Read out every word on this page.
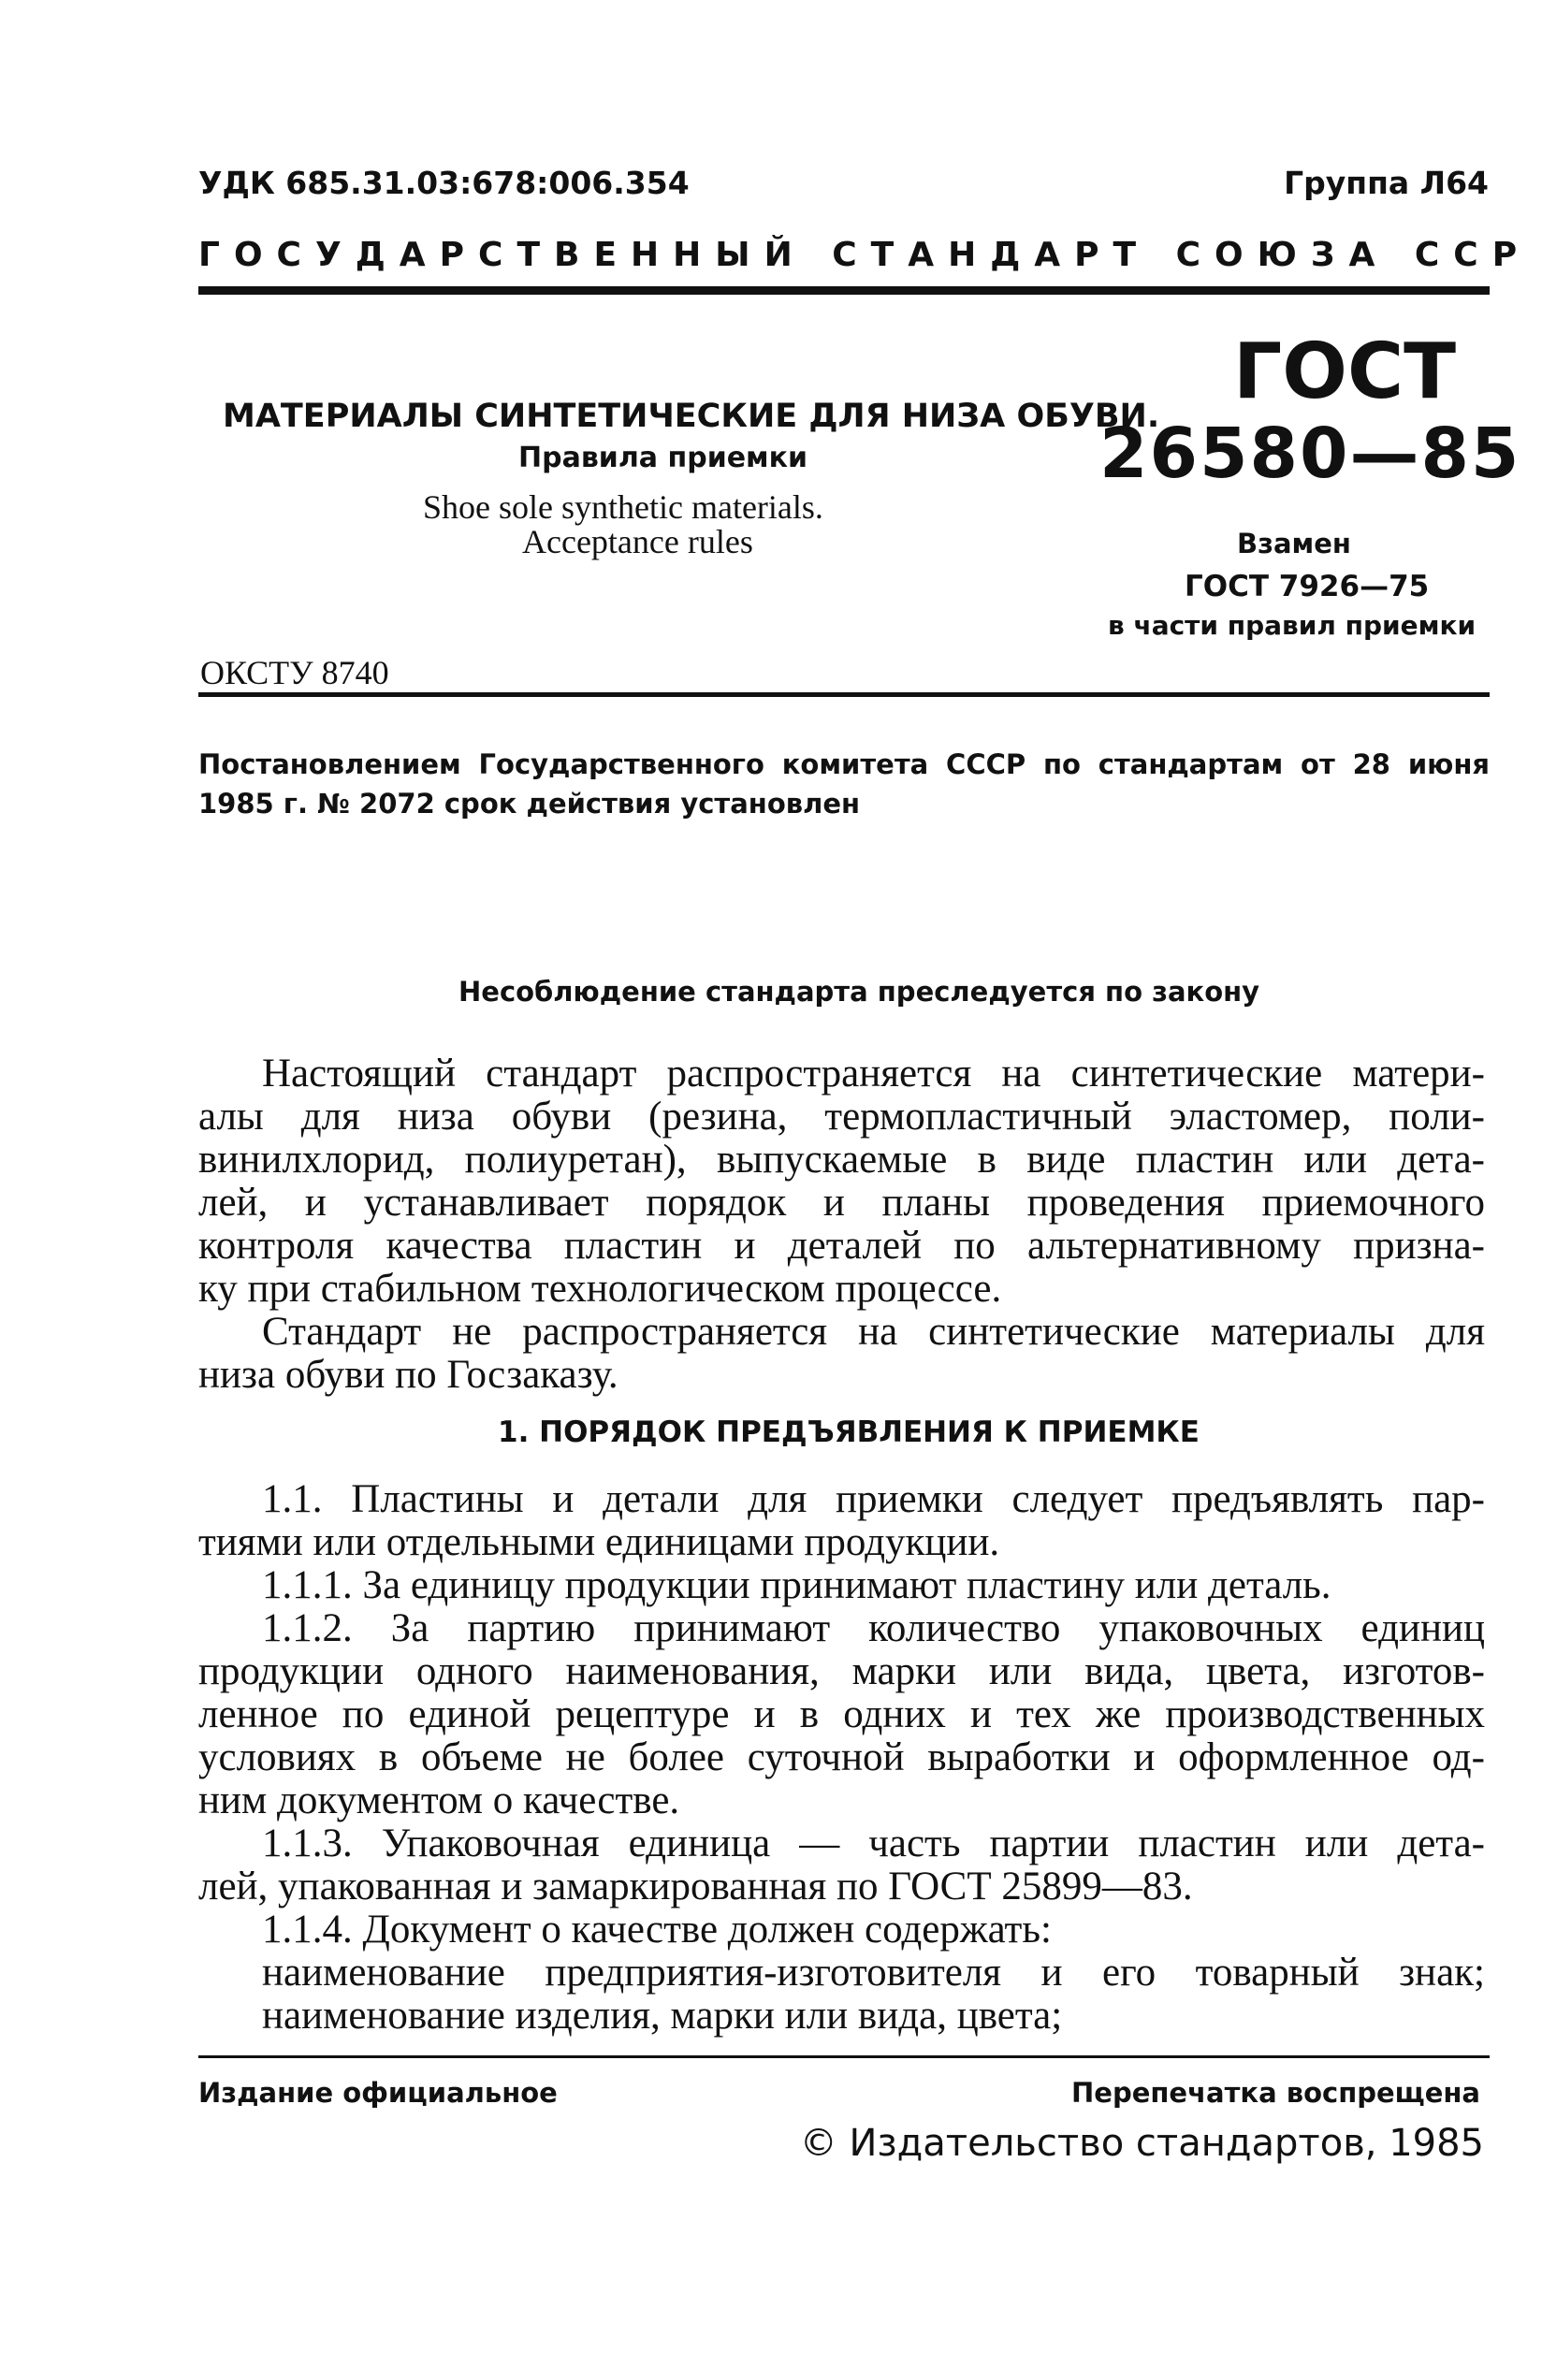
УДК 685.31.03:678:006.354	Группа Л64
ГОСУДАРСТВЕННЫЙ СТАНДАРТ СОЮЗА ССР
ГОСТ
26580—85
Взамен
ГОСТ 7926—75
в части правил приемки
МАТЕРИАЛЫ СИНТЕТИЧЕСКИЕ ДЛЯ НИЗА ОБУВИ.
Правила приемки
Shoe sole synthetic materials.
Acceptance rules
ОКСТУ 8740
Постановлением Государственного комитета СССР по стандартам от 28 июня
1985 г. № 2072 срок действия установлен
Несоблюдение стандарта преследуется по закону
Настоящий стандарт распространяется на синтетические матери-
алы для низа обуви (резина, термопластичный эластомер, поли-
винилхлорид, полиуретан), выпускаемые в виде пластин или дета-
лей, и устанавливает порядок и планы проведения приемочного
контроля качества пластин и деталей по альтернативному призна-
ку при стабильном технологическом процессе.
Стандарт не распространяется на синтетические материалы для
низа обуви по Госзаказу.
1. ПОРЯДОК ПРЕДЪЯВЛЕНИЯ К ПРИЕМКЕ
1.1. Пластины и детали для приемки следует предъявлять пар-
тиями или отдельными единицами продукции.
1.1.1. За единицу продукции принимают пластину или деталь.
1.1.2. За партию принимают количество упаковочных единиц
продукции одного наименования, марки или вида, цвета, изготов-
ленное по единой рецептуре и в одних и тех же производственных
условиях в объеме не более суточной выработки и оформленное од-
ним документом о качестве.
1.1.3. Упаковочная единица — часть партии пластин или дета-
лей, упакованная и замаркированная по ГОСТ 25899—83.
1.1.4. Документ о качестве должен содержать:
наименование предприятия-изготовителя и его товарный знак;
наименование изделия, марки или вида, цвета;
Издание официальное	Перепечатка воспрещена
© Издательство стандартов, 1985
